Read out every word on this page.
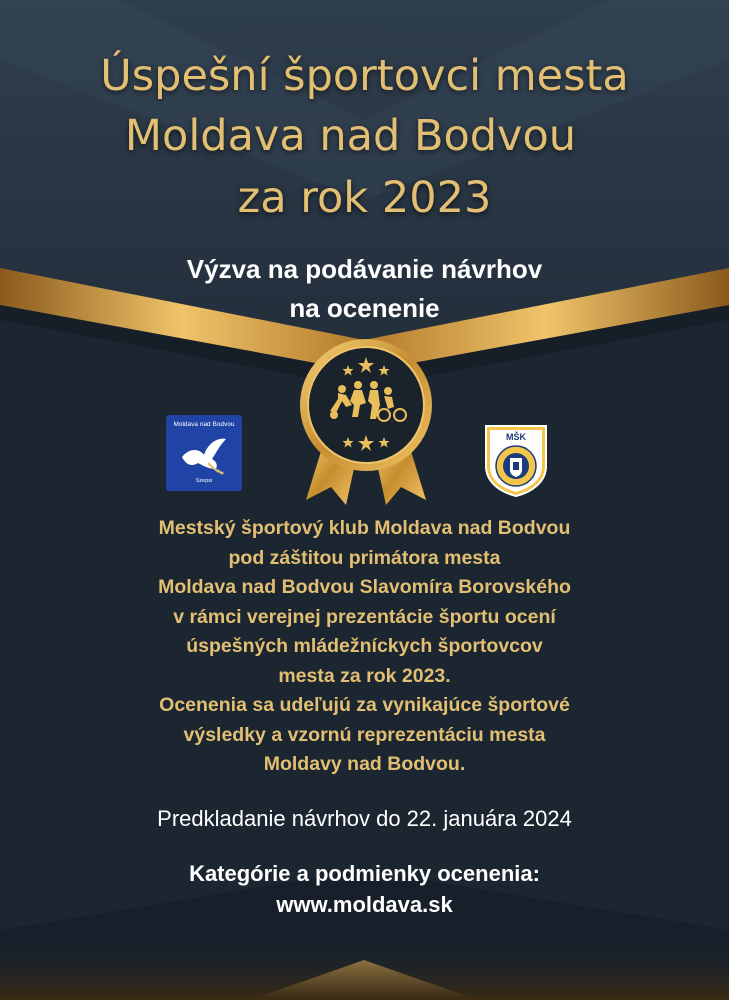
Úspešní športovci mesta
Moldava nad Bodvou
za rok 2023
Výzva na podávanie návrhov
na ocenenie
Moldava nad Bodvou
Szepsi
MŠK
Mestský športový klub Moldava nad Bodvou
pod záštitou primátora mesta
Moldava nad Bodvou Slavomíra Borovského
v rámci verejnej prezentácie športu ocení
úspešných mládežníckych športovcov
mesta za rok 2023.
Ocenenia sa udeľujú za vynikajúce športové
výsledky a vzornú reprezentáciu mesta
Moldavy nad Bodvou.
Predkladanie návrhov do 22. januára 2024
Kategórie a podmienky ocenenia:
www.moldava.sk
